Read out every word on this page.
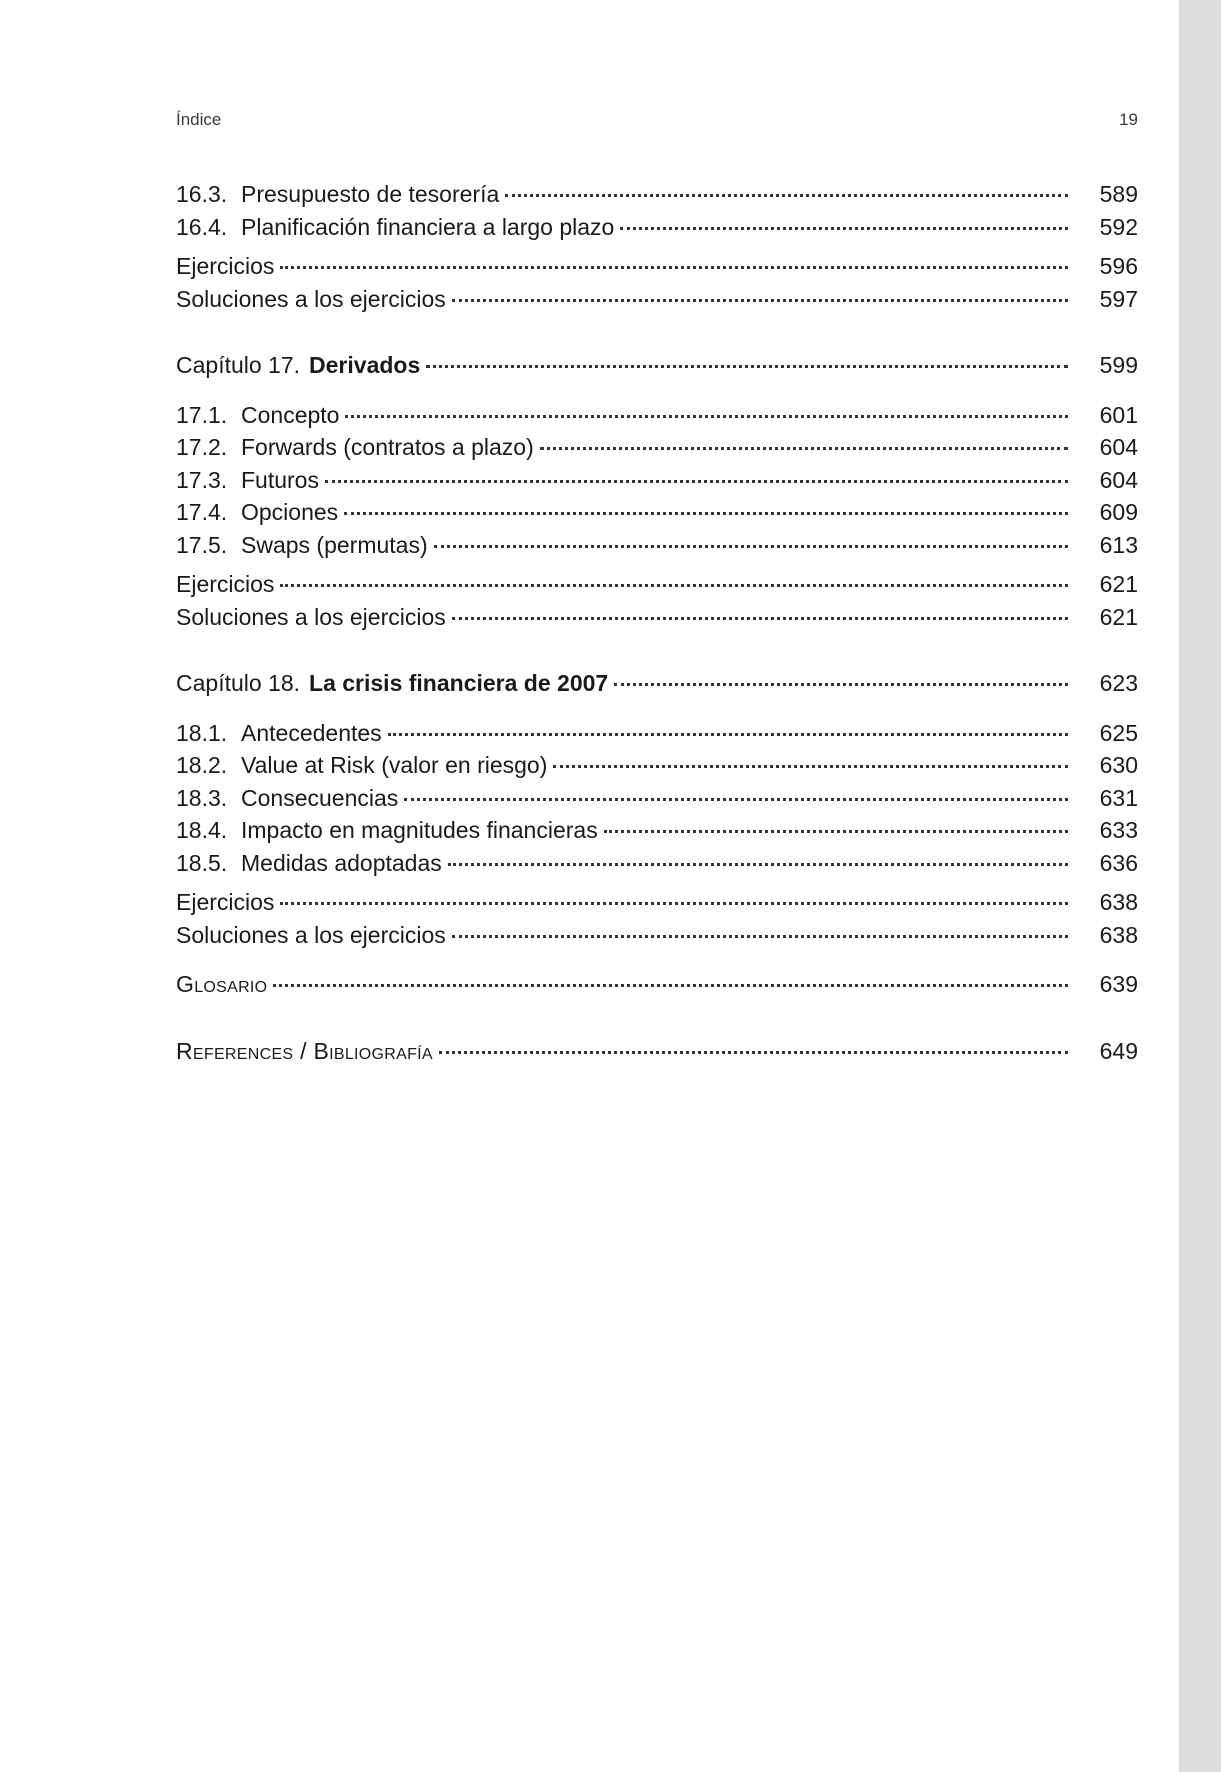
Índice	19
16.3. Presupuesto de tesorería	589
16.4. Planificación financiera a largo plazo	592
Ejercicios	596
Soluciones a los ejercicios	597
Capítulo 17. Derivados	599
17.1. Concepto	601
17.2. Forwards (contratos a plazo)	604
17.3. Futuros	604
17.4. Opciones	609
17.5. Swaps (permutas)	613
Ejercicios	621
Soluciones a los ejercicios	621
Capítulo 18. La crisis financiera de 2007	623
18.1. Antecedentes	625
18.2. Value at Risk (valor en riesgo)	630
18.3. Consecuencias	631
18.4. Impacto en magnitudes financieras	633
18.5. Medidas adoptadas	636
Ejercicios	638
Soluciones a los ejercicios	638
Glosario	639
References / Bibliografía	649
